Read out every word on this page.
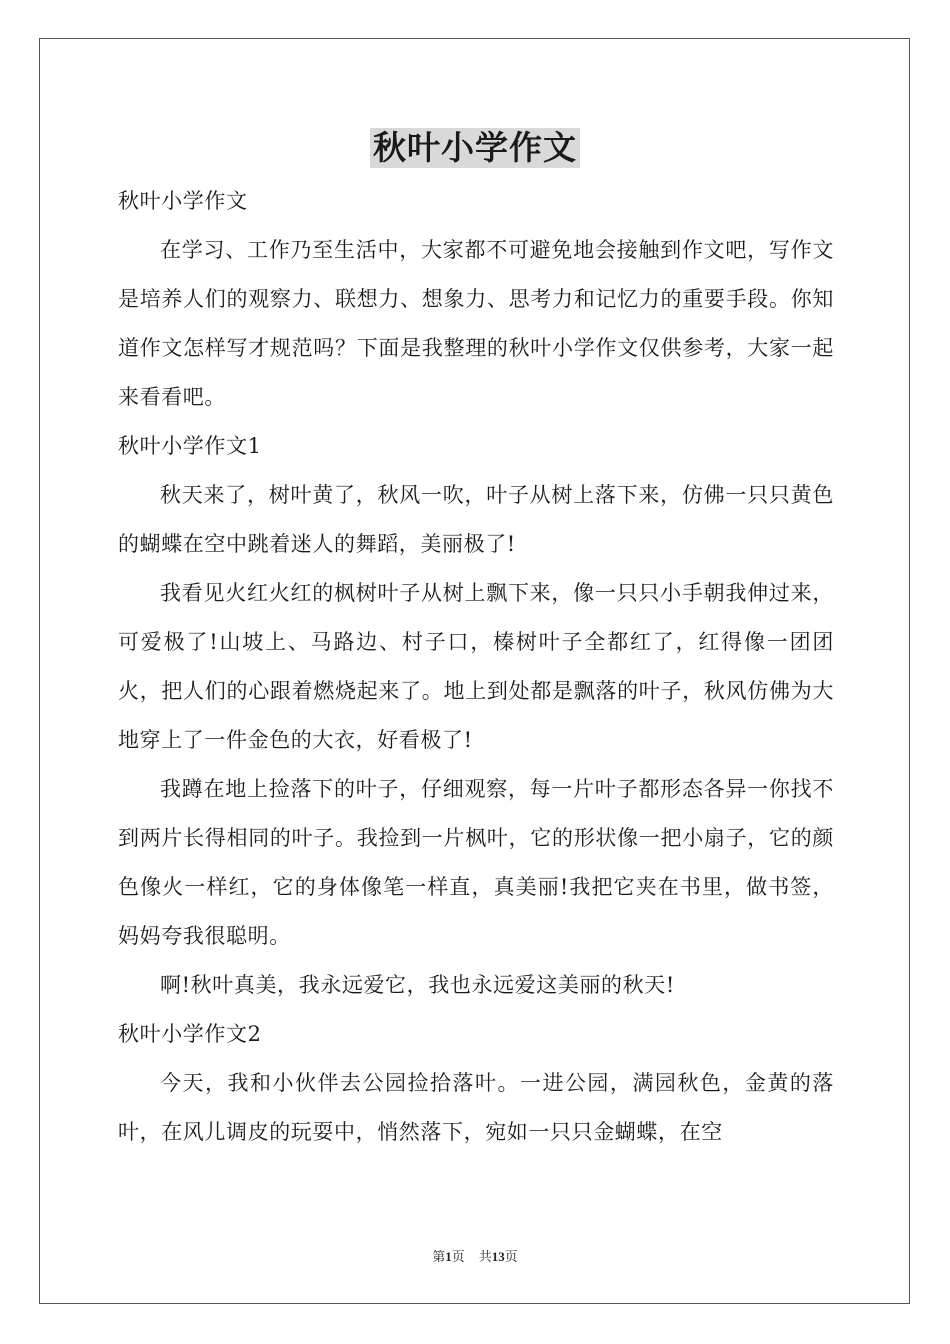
秋叶小学作文

秋叶小学作文

在学习、工作乃至生活中，大家都不可避免地会接触到作文吧，写作文是培养人们的观察力、联想力、想象力、思考力和记忆力的重要手段。你知道作文怎样写才规范吗？下面是我整理的秋叶小学作文仅供参考，大家一起来看看吧。

秋叶小学作文1

秋天来了，树叶黄了，秋风一吹，叶子从树上落下来，仿佛一只只黄色的蝴蝶在空中跳着迷人的舞蹈，美丽极了!

我看见火红火红的枫树叶子从树上飘下来，像一只只小手朝我伸过来，可爱极了!山坡上、马路边、村子口，榛树叶子全都红了，红得像一团团火，把人们的心跟着燃烧起来了。地上到处都是飘落的叶子，秋风仿佛为大地穿上了一件金色的大衣，好看极了!

我蹲在地上捡落下的叶子，仔细观察，每一片叶子都形态各异一你找不到两片长得相同的叶子。我捡到一片枫叶，它的形状像一把小扇子，它的颜色像火一样红，它的身体像笔一样直，真美丽!我把它夹在书里，做书签，妈妈夸我很聪明。

啊!秋叶真美，我永远爱它，我也永远爱这美丽的秋天!

秋叶小学作文2

今天，我和小伙伴去公园捡拾落叶。一进公园，满园秋色，金黄的落叶，在风儿调皮的玩耍中，悄然落下，宛如一只只金蝴蝶，在空

第1页 共13页
